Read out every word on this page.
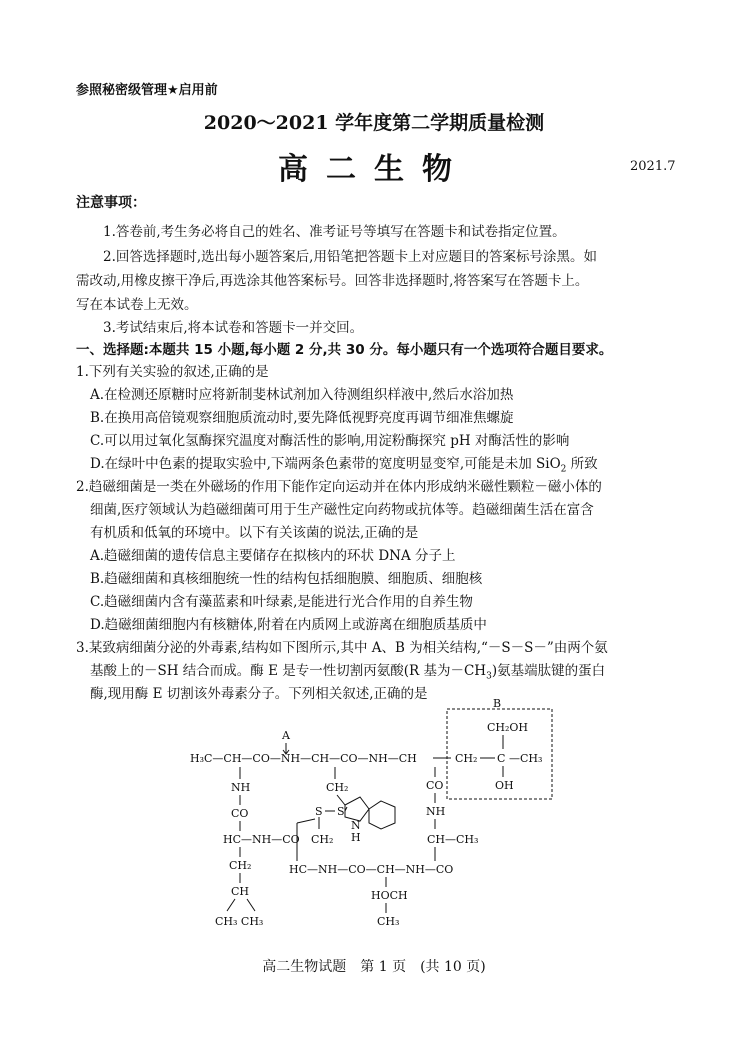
参照秘密级管理★启用前
2020～2021 学年度第二学期质量检测
高二生物	2021.7
注意事项：
1.答卷前,考生务必将自己的姓名、准考证号等填写在答题卡和试卷指定位置。
2.回答选择题时,选出每小题答案后,用铅笔把答题卡上对应题目的答案标号涂黑。如
需改动,用橡皮擦干净后,再选涂其他答案标号。回答非选择题时,将答案写在答题卡上。
写在本试卷上无效。
3.考试结束后,将本试卷和答题卡一并交回。
一、选择题:本题共 15 小题,每小题 2 分,共 30 分。每小题只有一个选项符合题目要求。
1.下列有关实验的叙述,正确的是
A.在检测还原糖时应将新制斐林试剂加入待测组织样液中,然后水浴加热
B.在换用高倍镜观察细胞质流动时,要先降低视野亮度再调节细准焦螺旋
C.可以用过氧化氢酶探究温度对酶活性的影响,用淀粉酶探究 pH 对酶活性的影响
D.在绿叶中色素的提取实验中,下端两条色素带的宽度明显变窄,可能是未加 SiO$_2$ 所致
2.趋磁细菌是一类在外磁场的作用下能作定向运动并在体内形成纳米磁性颗粒－磁小体的
细菌,医疗领域认为趋磁细菌可用于生产磁性定向药物或抗体等。趋磁细菌生活在富含
有机质和低氧的环境中。以下有关该菌的说法,正确的是
A.趋磁细菌的遗传信息主要储存在拟核内的环状 DNA 分子上
B.趋磁细菌和真核细胞统一性的结构包括细胞膜、细胞质、细胞核
C.趋磁细菌内含有藻蓝素和叶绿素,是能进行光合作用的自养生物
D.趋磁细菌细胞内有核糖体,附着在内质网上或游离在细胞质基质中
3.某致病细菌分泌的外毒素,结构如下图所示,其中 A、B 为相关结构,“－S－S－”由两个氨
基酸上的－SH 结合而成。酶 E 是专一性切割丙氨酸(R 基为$-CH_3$)氨基端肽键的蛋白
酶,现用酶 E 切割该外毒素分子。下列相关叙述,正确的是
B
CH₂OH
C —CH₃
OH
CH₂
A
H₃C—CH—CO—NH—CH—CO—NH—CH
NH
CO
HC—NH—CO
CH₂
CH
CH₃ CH₃
CH₂
N
H
S S
CH₂
HC—NH—CO—CH—NH—CO
HOCH
CH₃
CO
NH
CH—CH₃
高二生物试题　第 1 页　(共 10 页)
